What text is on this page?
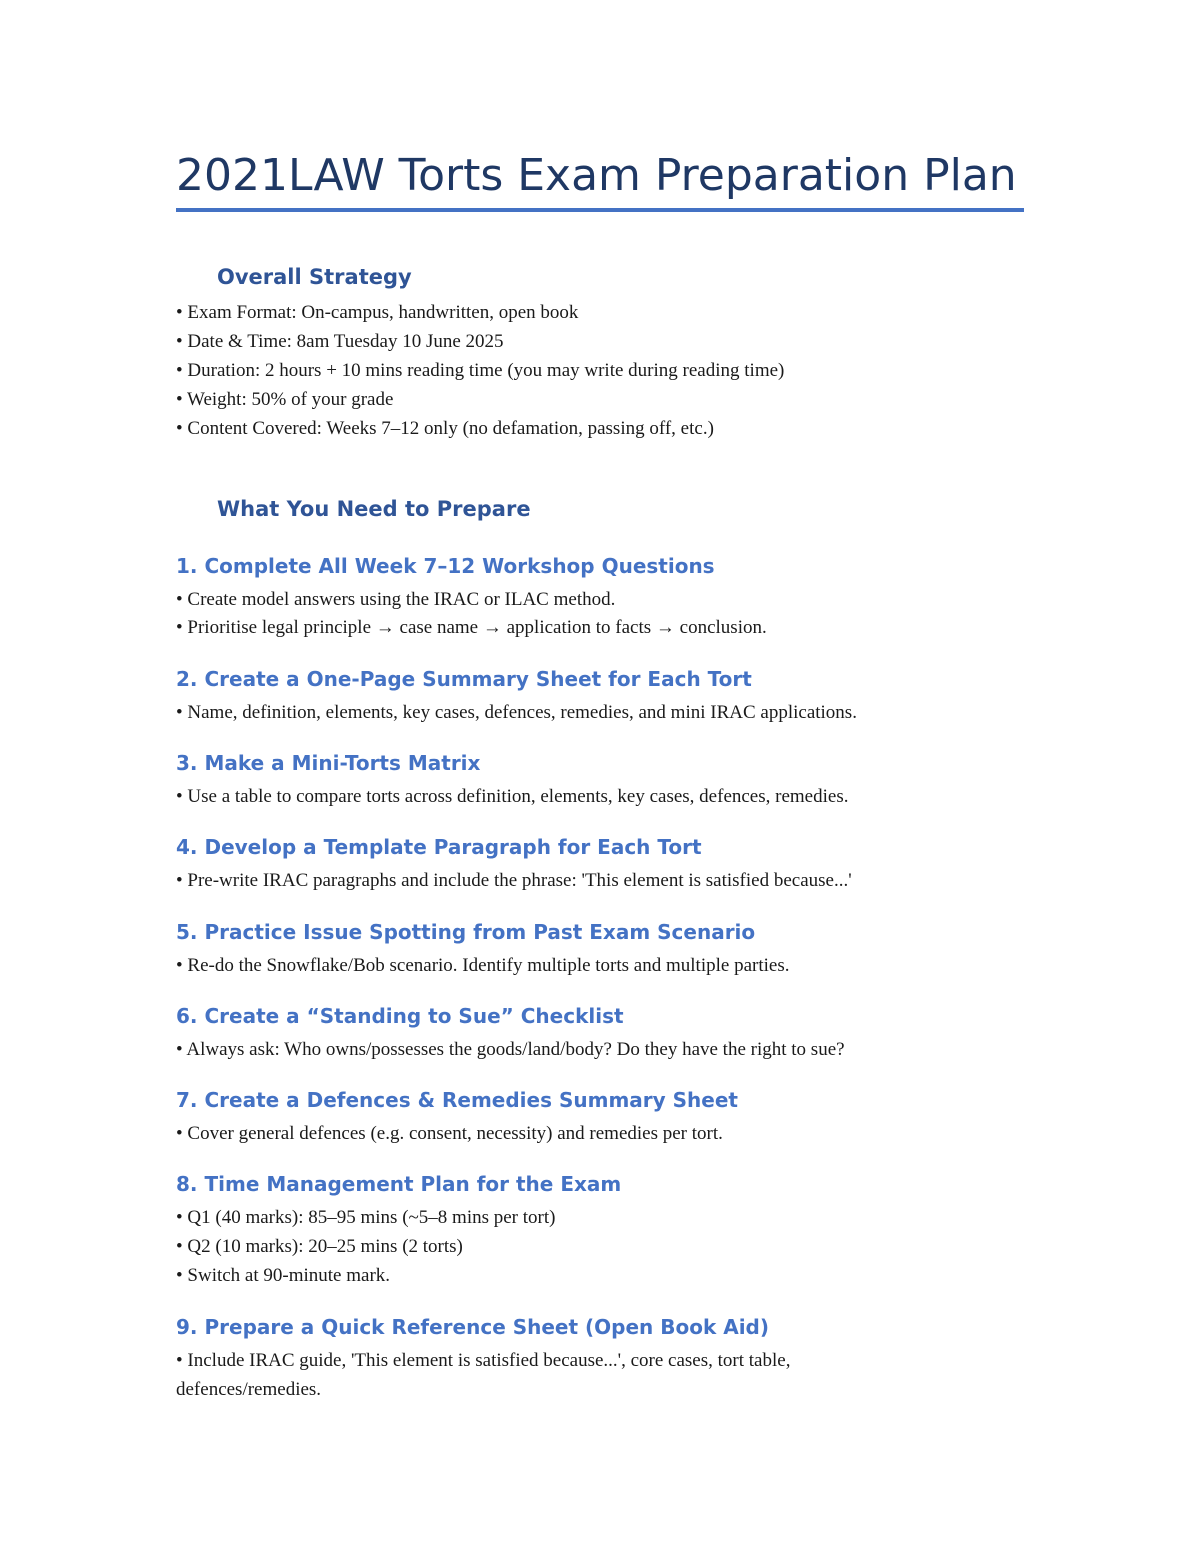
2021LAW Torts Exam Preparation Plan
Overall Strategy

• Exam Format: On-campus, handwritten, open book

• Date & Time: 8am Tuesday 10 June 2025

• Duration: 2 hours + 10 mins reading time (you may write during reading time)

• Weight: 50% of your grade

• Content Covered: Weeks 7–12 only (no defamation, passing off, etc.)

What You Need to Prepare
1. Complete All Week 7–12 Workshop Questions

• Create model answers using the IRAC or ILAC method.

• Prioritise legal principle → case name → application to facts → conclusion.

2. Create a One-Page Summary Sheet for Each Tort

• Name, definition, elements, key cases, defences, remedies, and mini IRAC applications.

3. Make a Mini-Torts Matrix

• Use a table to compare torts across definition, elements, key cases, defences, remedies.

4. Develop a Template Paragraph for Each Tort

• Pre-write IRAC paragraphs and include the phrase: 'This element is satisfied because...'

5. Practice Issue Spotting from Past Exam Scenario

• Re-do the Snowflake/Bob scenario. Identify multiple torts and multiple parties.

6. Create a “Standing to Sue” Checklist

• Always ask: Who owns/possesses the goods/land/body? Do they have the right to sue?

7. Create a Defences & Remedies Summary Sheet

• Cover general defences (e.g. consent, necessity) and remedies per tort.

8. Time Management Plan for the Exam

• Q1 (40 marks): 85–95 mins (~5–8 mins per tort)

• Q2 (10 marks): 20–25 mins (2 torts)

• Switch at 90-minute mark.

9. Prepare a Quick Reference Sheet (Open Book Aid)

• Include IRAC guide, 'This element is satisfied because...', core cases, tort table,

defences/remedies.
